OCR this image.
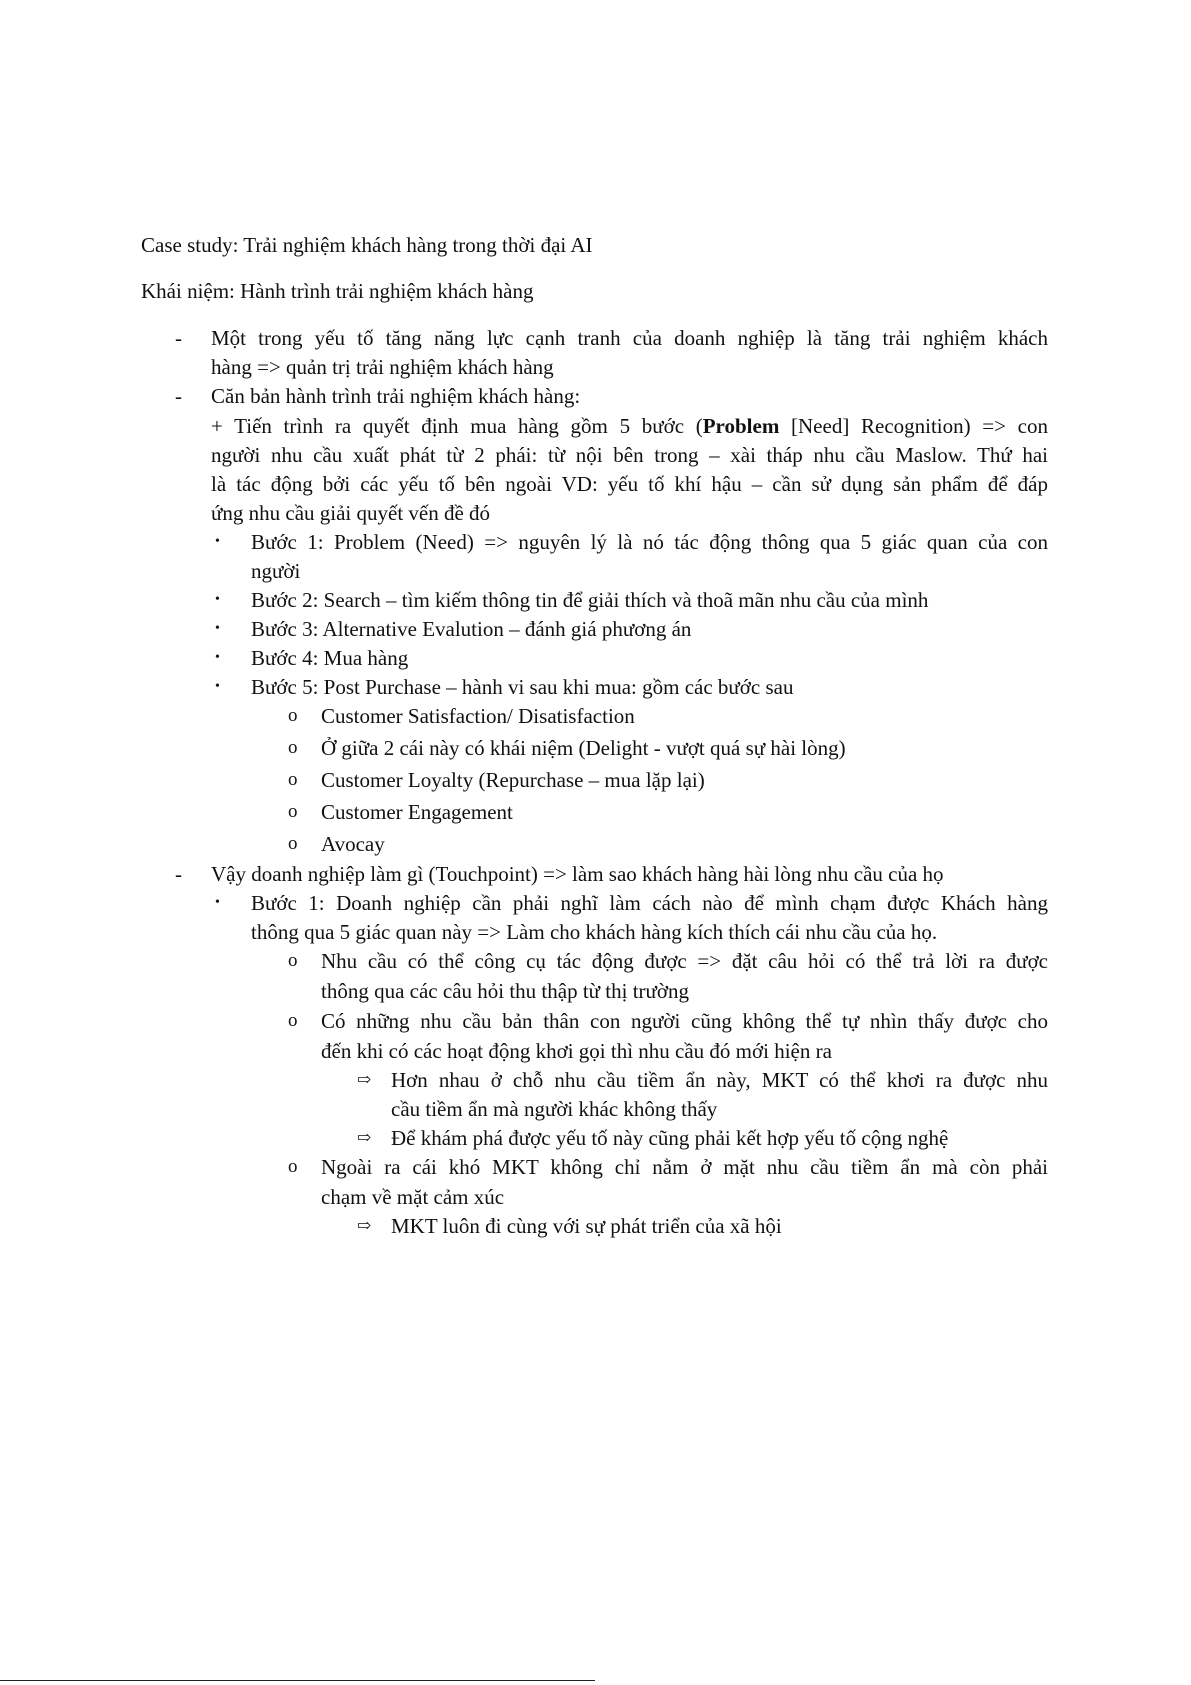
Case study: Trải nghiệm khách hàng trong thời đại AI
Khái niệm: Hành trình trải nghiệm khách hàng
- Một trong yếu tố tăng năng lực cạnh tranh của doanh nghiệp là tăng trải nghiệm khách
hàng => quản trị trải nghiệm khách hàng
- Căn bản hành trình trải nghiệm khách hàng:
+ Tiến trình ra quyết định mua hàng gồm 5 bước (Problem [Need] Recognition) => con
người nhu cầu xuất phát từ 2 phái: từ nội bên trong – xài tháp nhu cầu Maslow. Thứ hai
là tác động bởi các yếu tố bên ngoài VD: yếu tố khí hậu – cần sử dụng sản phẩm để đáp
ứng nhu cầu giải quyết vến đề đó
• Bước 1: Problem (Need) => nguyên lý là nó tác động thông qua 5 giác quan của con
người
• Bước 2: Search – tìm kiếm thông tin để giải thích và thoã mãn nhu cầu của mình
• Bước 3: Alternative Evalution – đánh giá phương án
• Bước 4: Mua hàng
• Bước 5: Post Purchase – hành vi sau khi mua: gồm các bước sau
o Customer Satisfaction/ Disatisfaction
o Ở giữa 2 cái này có khái niệm (Delight - vượt quá sự hài lòng)
o Customer Loyalty (Repurchase – mua lặp lại)
o Customer Engagement
o Avocay
- Vậy doanh nghiệp làm gì (Touchpoint) => làm sao khách hàng hài lòng nhu cầu của họ
• Bước 1: Doanh nghiệp cần phải nghĩ làm cách nào để mình chạm được Khách hàng
thông qua 5 giác quan này => Làm cho khách hàng kích thích cái nhu cầu của họ.
o Nhu cầu có thể công cụ tác động được => đặt câu hỏi có thể trả lời ra được
thông qua các câu hỏi thu thập từ thị trường
o Có những nhu cầu bản thân con người cũng không thể tự nhìn thấy được cho
đến khi có các hoạt động khơi gọi thì nhu cầu đó mới hiện ra
⇨ Hơn nhau ở chỗ nhu cầu tiềm ẩn này, MKT có thể khơi ra được nhu
cầu tiềm ẩn mà người khác không thấy
⇨ Để khám phá được yếu tố này cũng phải kết hợp yếu tố cộng nghệ
o Ngoài ra cái khó MKT không chỉ nằm ở mặt nhu cầu tiềm ẩn mà còn phải
chạm về mặt cảm xúc
⇨ MKT luôn đi cùng với sự phát triển của xã hội
